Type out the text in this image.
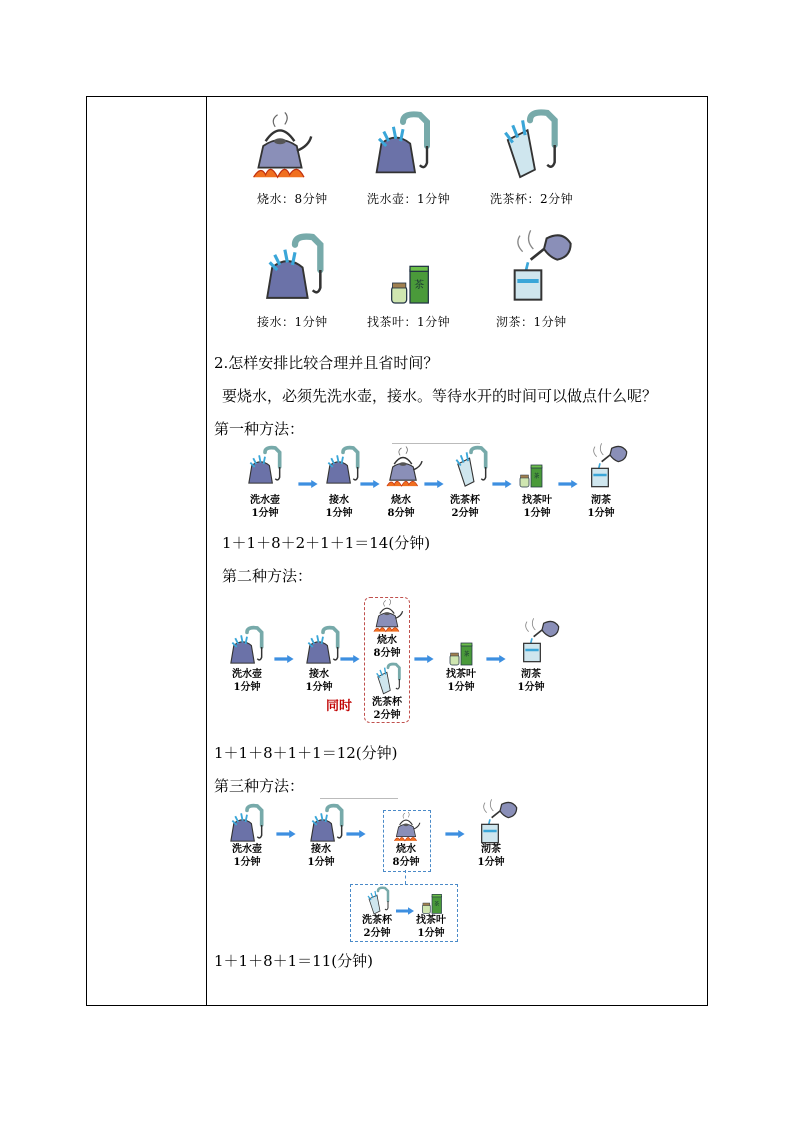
烧水：8分钟	洗水壶：1分钟	洗茶杯：2分钟
接水：1分钟	找茶叶：1分钟	沏茶：1分钟
2.怎样安排比较合理并且省时间？
要烧水，必须先洗水壶，接水。等待水开的时间可以做点什么呢？
第一种方法：
洗水壶
1分钟
接水
1分钟
烧水
8分钟
洗茶杯
2分钟
找茶叶
1分钟
沏茶
1分钟
1＋1＋8＋2＋1＋1＝14(分钟)
第二种方法：
洗水壶
1分钟
接水
1分钟
烧水
8分钟
洗茶杯
2分钟
同时
找茶叶
1分钟
沏茶
1分钟
1＋1＋8＋1＋1＝12(分钟)
第三种方法：
洗水壶
1分钟
接水
1分钟
烧水
8分钟
沏茶
1分钟
洗茶杯
2分钟
找茶叶
1分钟
1＋1＋8＋1＝11(分钟)
